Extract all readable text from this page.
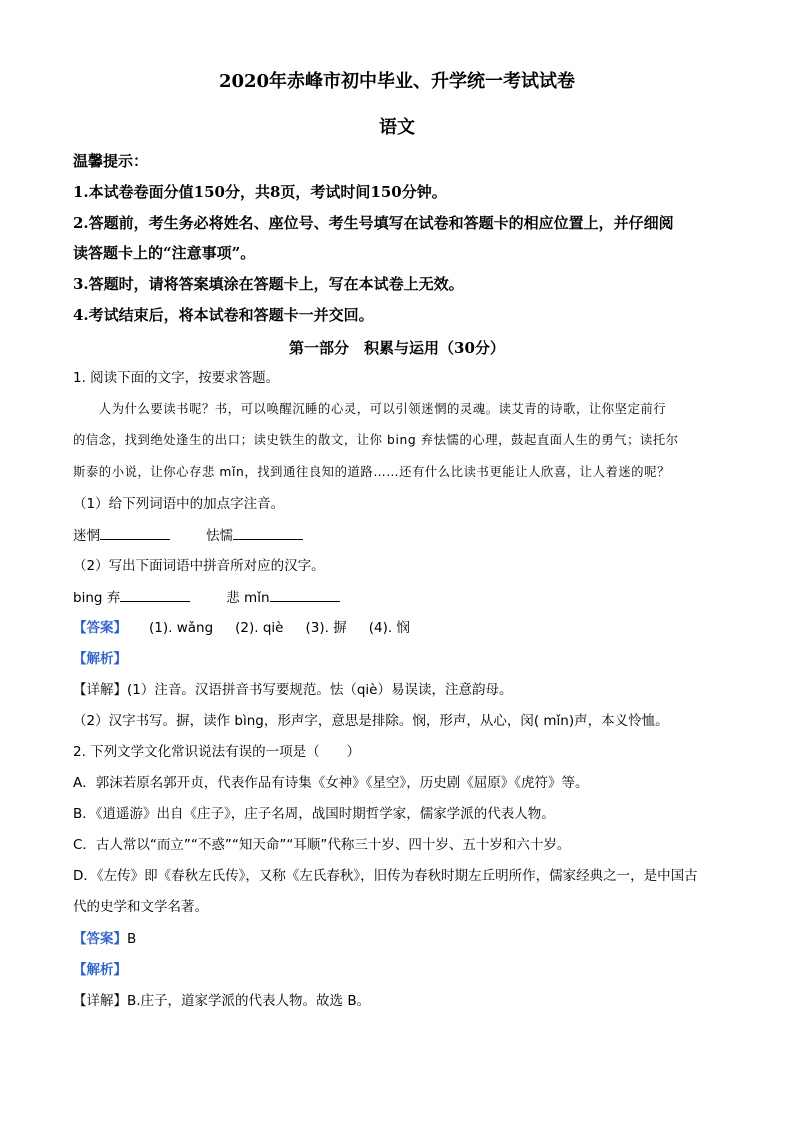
2020年赤峰市初中毕业、升学统一考试试卷
语文
温馨提示：
1.本试卷卷面分值150分，共8页，考试时间150分钟。
2.答题前，考生务必将姓名、座位号、考生号填写在试卷和答题卡的相应位置上，并仔细阅
读答题卡上的“注意事项”。
3.答题时，请将答案填涂在答题卡上，写在本试卷上无效。
4.考试结束后，将本试卷和答题卡一并交回。
第一部分　积累与运用（30分）
1. 阅读下面的文字，按要求答题。
　　人为什么要读书呢？书，可以唤醒沉睡的心灵，可以引领迷惘的灵魂。读艾青的诗歌，让你坚定前行
的信念，找到绝处逢生的出口；读史铁生的散文，让你 bing 弃怯懦的心理，鼓起直面人生的勇气；读托尔
斯泰的小说，让你心存悲 mǐn，找到通往良知的道路……还有什么比读书更能让人欣喜，让人着迷的呢？
（1）给下列词语中的加点字注音。
迷惘	怯懦
（2）写出下面词语中拼音所对应的汉字。
bing 弃	悲 mǐn
【答案】 (1). wǎng (2). qiè (3). 摒 (4). 悯
【解析】
【详解】(1）注音。汉语拼音书写要规范。怯（qiè）易误读，注意韵母。
（2）汉字书写。摒，读作 bìng，形声字，意思是排除。悯，形声，从心，闵( mǐn)声，本义怜恤。
2. 下列文学文化常识说法有误的一项是（　　）
A．郭沫若原名郭开贞，代表作品有诗集《女神》《星空》，历史剧《屈原》《虎符》等。
B．《逍遥游》出自《庄子》，庄子名周，战国时期哲学家，儒家学派的代表人物。
C．古人常以“而立”“不惑”“知天命”“耳顺”代称三十岁、四十岁、五十岁和六十岁。
D．《左传》即《春秋左氏传》，又称《左氏春秋》，旧传为春秋时期左丘明所作，儒家经典之一，是中国古
代的史学和文学名著。
【答案】B
【解析】
【详解】B.庄子，道家学派的代表人物。故选 B。
